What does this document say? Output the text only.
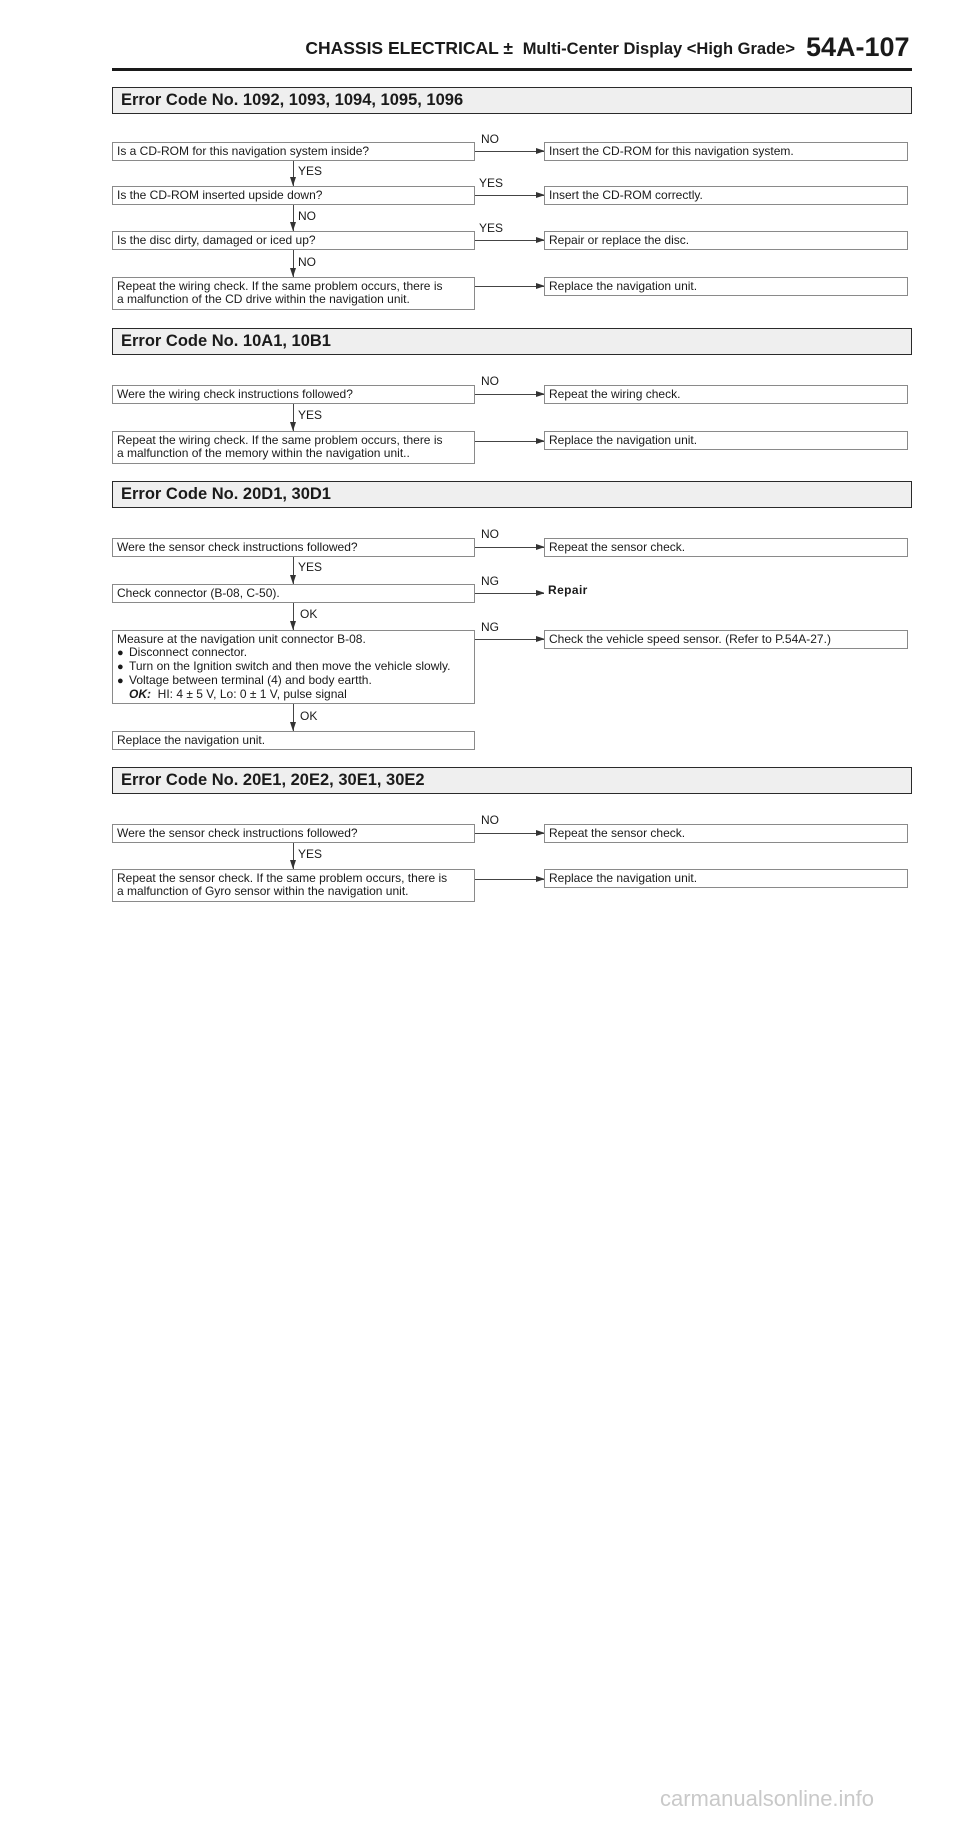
CHASSIS ELECTRICAL ± Multi-Center Display <High Grade> 54A-107
Error Code No. 1092, 1093, 1094, 1095, 1096
Is a CD-ROM for this navigation system inside?
NO
Insert the CD-ROM for this navigation system.
YES
Is the CD-ROM inserted upside down?
YES
Insert the CD-ROM correctly.
NO
Is the disc dirty, damaged or iced up?
YES
Repair or replace the disc.
NO
Repeat the wiring check. If the same problem occurs, there is
a malfunction of the CD drive within the navigation unit.
Replace the navigation unit.
Error Code No. 10A1, 10B1
Were the wiring check instructions followed?
NO
Repeat the wiring check.
YES
Repeat the wiring check. If the same problem occurs, there is
a malfunction of the memory within the navigation unit..
Replace the navigation unit.
Error Code No. 20D1, 30D1
Were the sensor check instructions followed?
NO
Repeat the sensor check.
YES
Check connector (B-08, C-50).
NG
Repair
OK
Measure at the navigation unit connector B-08.
● Disconnect connector.
● Turn on the Ignition switch and then move the vehicle slowly.
● Voltage between terminal (4) and body eartth.
OK: HI: 4 ± 5 V, Lo: 0 ± 1 V, pulse signal
NG
Check the vehicle speed sensor. (Refer to P.54A-27.)
OK
Replace the navigation unit.
Error Code No. 20E1, 20E2, 30E1, 30E2
Were the sensor check instructions followed?
NO
Repeat the sensor check.
YES
Repeat the sensor check. If the same problem occurs, there is
a malfunction of Gyro sensor within the navigation unit.
Replace the navigation unit.
carmanualsonline.info
